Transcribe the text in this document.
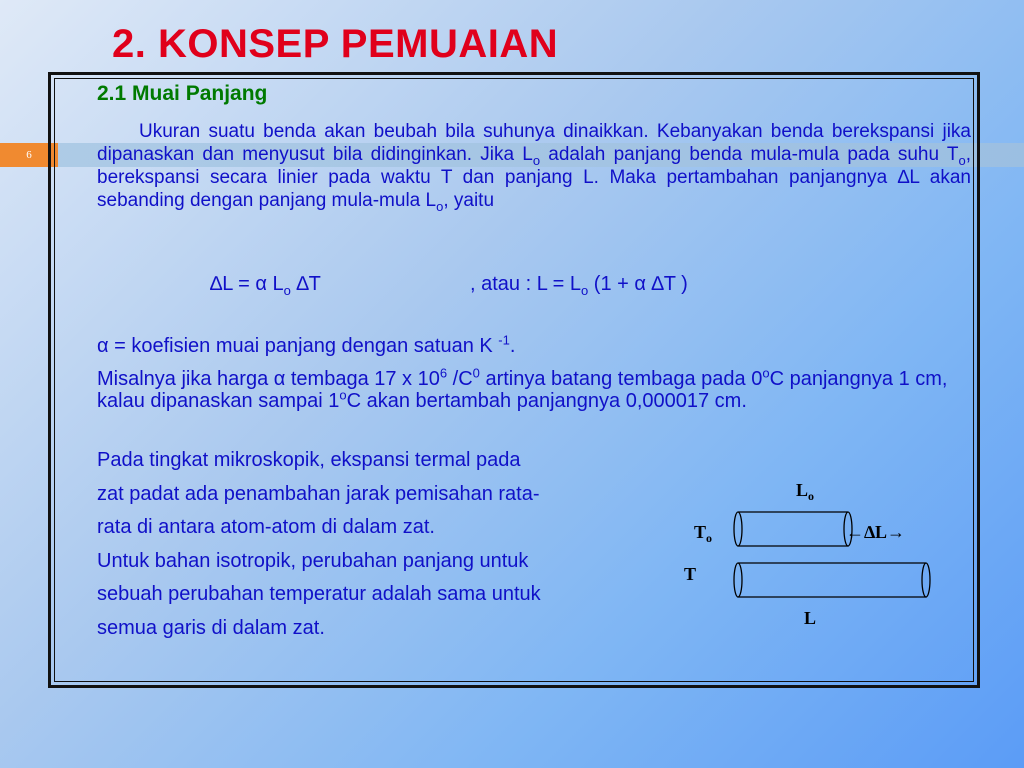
6
2. KONSEP PEMUAIAN
2.1 Muai Panjang
Ukuran suatu benda akan beubah bila suhunya dinaikkan. Kebanyakan benda berekspansi jika dipanaskan dan menyusut bila didinginkan. Jika $L_o$ adalah panjang benda mula-mula pada suhu $T_o$, berekspansi secara linier pada waktu T dan panjang L. Maka pertambahan panjangnya ∆L akan sebanding dengan panjang mula-mula $L_o$, yaitu
∆L = α $L_o$ ∆T	, atau : $L = L_o$ (1 + α ∆T )
α = koefisien muai panjang dengan satuan K $^{-1}$.
Misalnya jika harga α tembaga 17 x $10^6$ $/C^0$ artinya batang tembaga pada 0$^o$C panjangnya 1 cm, kalau dipanaskan sampai 1$^o$C akan bertambah panjangnya 0,000017 cm.
Pada tingkat mikroskopik, ekspansi termal pada
zat padat ada penambahan jarak pemisahan rata-
rata di antara atom-atom di dalam zat.
Untuk bahan isotropik, perubahan panjang untuk
sebuah perubahan temperatur adalah sama untuk
semua garis di dalam zat.
$L_o$
$T_o$	←∆L→
T
L
